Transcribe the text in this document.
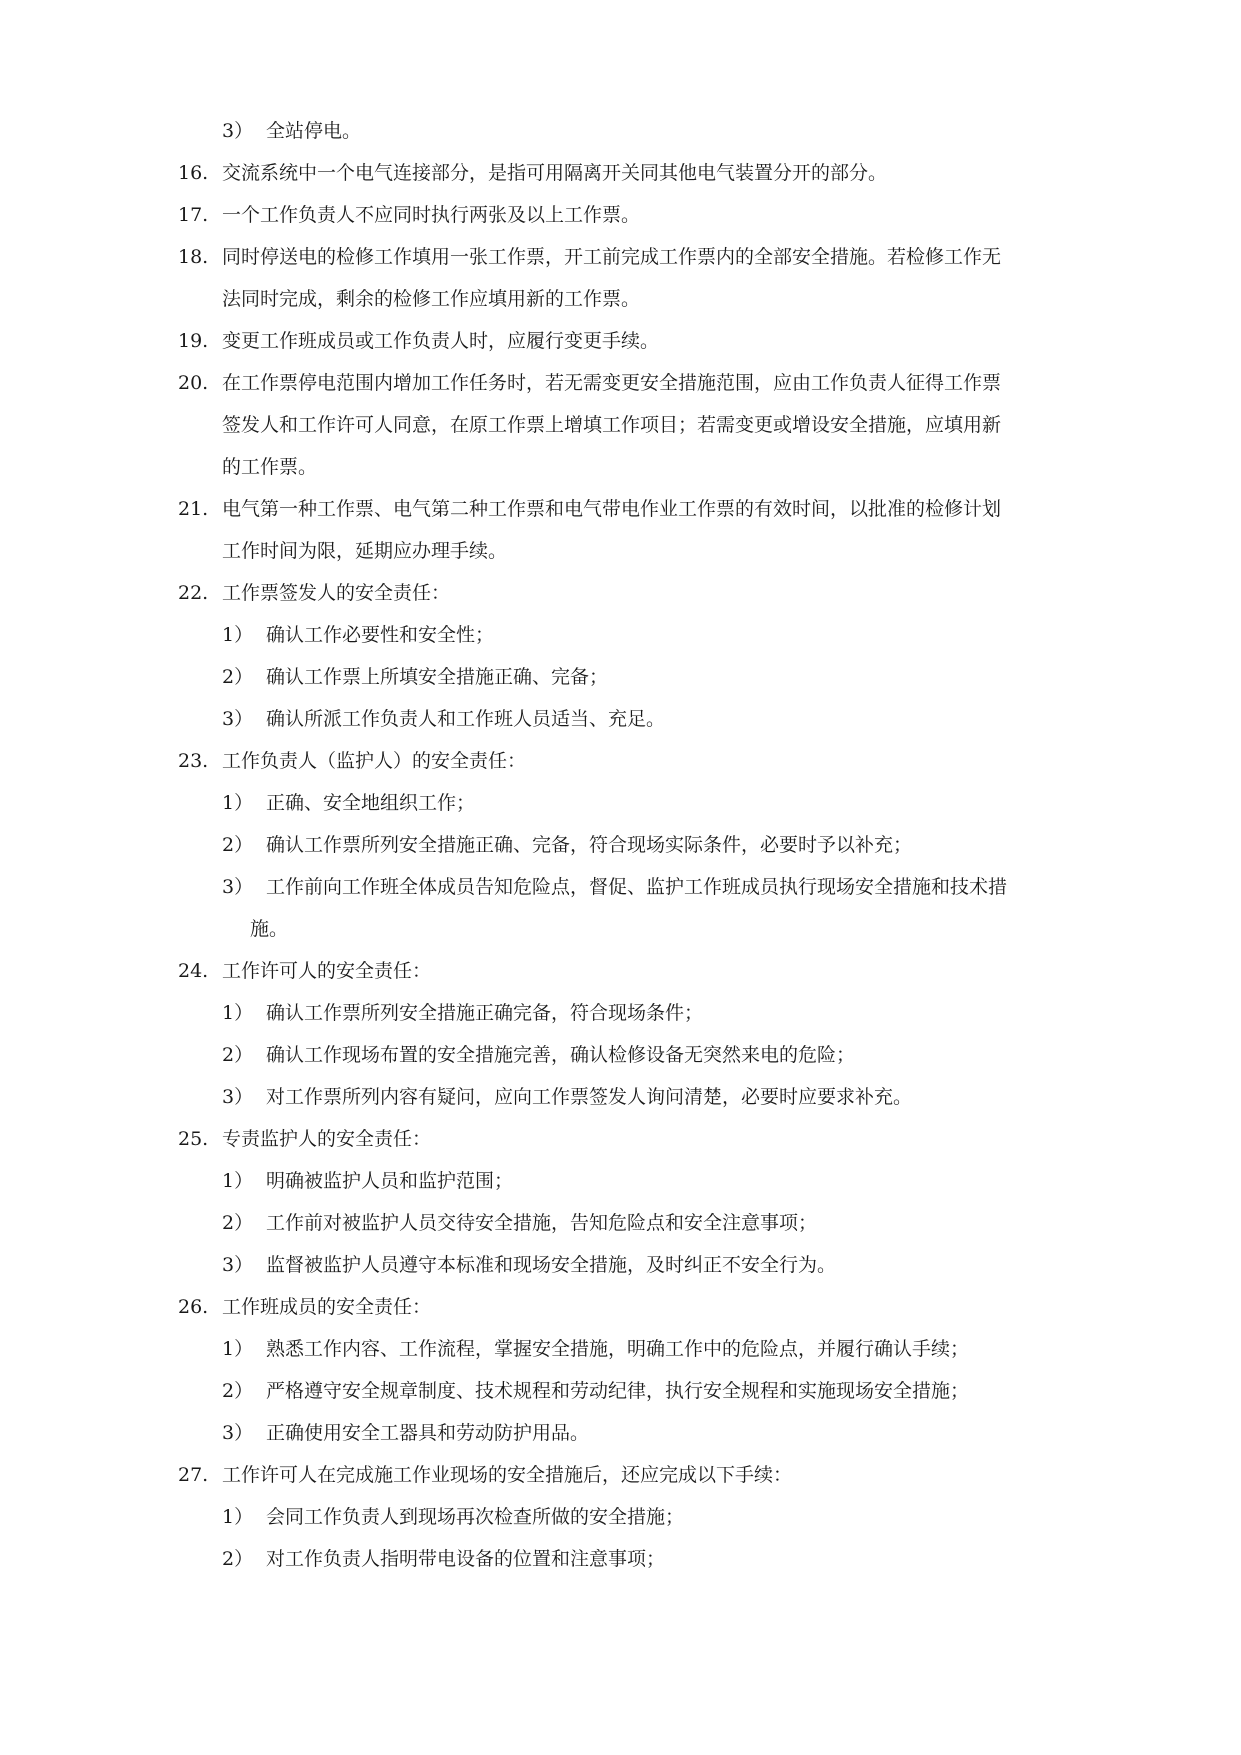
3） 全站停电。
16. 交流系统中一个电气连接部分，是指可用隔离开关同其他电气装置分开的部分。
17. 一个工作负责人不应同时执行两张及以上工作票。
18. 同时停送电的检修工作填用一张工作票，开工前完成工作票内的全部安全措施。若检修工作无
法同时完成，剩余的检修工作应填用新的工作票。
19. 变更工作班成员或工作负责人时，应履行变更手续。
20. 在工作票停电范围内增加工作任务时，若无需变更安全措施范围，应由工作负责人征得工作票
签发人和工作许可人同意，在原工作票上增填工作项目；若需变更或增设安全措施，应填用新
的工作票。
21. 电气第一种工作票、电气第二种工作票和电气带电作业工作票的有效时间，以批准的检修计划
工作时间为限，延期应办理手续。
22. 工作票签发人的安全责任：
1） 确认工作必要性和安全性；
2） 确认工作票上所填安全措施正确、完备；
3） 确认所派工作负责人和工作班人员适当、充足。
23. 工作负责人（监护人）的安全责任：
1） 正确、安全地组织工作；
2） 确认工作票所列安全措施正确、完备，符合现场实际条件，必要时予以补充；
3） 工作前向工作班全体成员告知危险点，督促、监护工作班成员执行现场安全措施和技术措
施。
24. 工作许可人的安全责任：
1） 确认工作票所列安全措施正确完备，符合现场条件；
2） 确认工作现场布置的安全措施完善，确认检修设备无突然来电的危险；
3） 对工作票所列内容有疑问，应向工作票签发人询问清楚，必要时应要求补充。
25. 专责监护人的安全责任：
1） 明确被监护人员和监护范围；
2） 工作前对被监护人员交待安全措施，告知危险点和安全注意事项；
3） 监督被监护人员遵守本标准和现场安全措施，及时纠正不安全行为。
26. 工作班成员的安全责任：
1） 熟悉工作内容、工作流程，掌握安全措施，明确工作中的危险点，并履行确认手续；
2） 严格遵守安全规章制度、技术规程和劳动纪律，执行安全规程和实施现场安全措施；
3） 正确使用安全工器具和劳动防护用品。
27. 工作许可人在完成施工作业现场的安全措施后，还应完成以下手续：
1） 会同工作负责人到现场再次检查所做的安全措施；
2） 对工作负责人指明带电设备的位置和注意事项；
